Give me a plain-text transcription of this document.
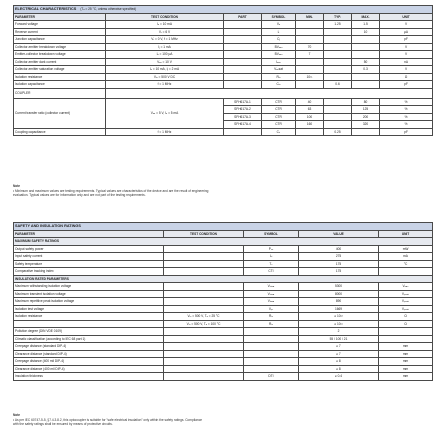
ELECTRICAL CHARACTERISTICS (Tₐ = 25 °C, unless otherwise specified)							
PARAMETER	TEST CONDITION	PART	SYMBOL	MIN.	TYP.	MAX.	UNIT
Forward voltage	Iₑ = 10 mA		Vₑ		1.25	1.5	V
Reverse current	Vᵣ = 6 V		Iᵣ			10	µA
Junction capacitance	Vᵣ = 0 V, f = 1 MHz		Cⱼ				pF
Collector-emitter breakdown voltage	Iⱼ = 1 mA		BVₑₑₒ	70			V
Emitter-collector breakdown voltage	Iₑ = 100 µA		BVₑₑₒ	7			V
Collector-emitter dark current	Vₑₑ = 10 V		Iₑₑₒ			50	nA
Collector-emitter saturation voltage	Iₑ = 10 mA, Iⱼ = 2 mA		Vₑₑsat			0.3	V
Isolation resistance	Vᵢₒ = 500 V DC		Rᵢₒ	10¹¹			Ω
Isolation capacitance	f = 1 MHz		Cᵢₒ		0.6		pF
COUPLER							
Current transfer ratio (collector current)	Vₑₑ = 5 V, Iₑ = 5 mA	SFH617A-1	CTR	40		80	%
		SFH617A-2	CTR	63		125	%
		SFH617A-3	CTR	100		200	%
		SFH617A-4	CTR	160		320	%
Coupling capacitance	f = 1 MHz		Cₖ		0.25		pF
Note
• Minimum and maximum values are testing requirements. Typical values are characteristics of the device and are the result of engineering
evaluation. Typical values are for information only and are not part of the testing requirements.
SAFETY AND INSULATION RATINGS				
PARAMETER	TEST CONDITION	SYMBOL	VALUE	UNIT
MAXIMUM SAFETY RATINGS				
Output safety power		Pₛₒ	400	mW
Input safety current		Iₛᵢ	275	mA
Safety temperature		Tₛ	175	°C
Comparative tracking index		CTI	175	
INSULATION RATED PARAMETERS				
Maximum withstanding isolation voltage		Vᵢₒₜₘ	5300	Vᵣₘₛ
Maximum transient isolation voltage		Vᵢₒₜₘ	8000	Vₚₑₐₖ
Maximum repetitive peak isolation voltage		Vᵢₒᵣₘ	890	Vₚₑₐₖ
Isolation test voltage		Vₚᵣ	1669	Vₚₑₐₖ
Isolation resistance	Vᵢₒ = 500 V, Tₐ = 25 °C	Rᵢₒ	≥ 10¹²	Ω
	Vᵢₒ = 500 V, Tₐ = 100 °C	Rᵢₒ	≥ 10¹¹	Ω
Pollution degree (DIN VDE 0109)			2	
Climatic classification (according to IEC 68 part 1)			55 / 100 / 21	
Creepage distance (standard DIP-4)			≥ 7	mm
Clearance distance (standard DIP-4)			≥ 7	mm
Creepage distance (400 mil DIP-4)			≥ 8	mm
Clearance distance (400 mil DIP-4)			≥ 8	mm
Insulation thickness		DTI	≥ 0.4	mm
Note
• As per IEC 60747-5-5, §7.4.3.8.2, this optocoupler is suitable for "safe electrical insulation" only within the safety ratings. Compliance
with the safety ratings shall be ensured by means of protective circuits.
